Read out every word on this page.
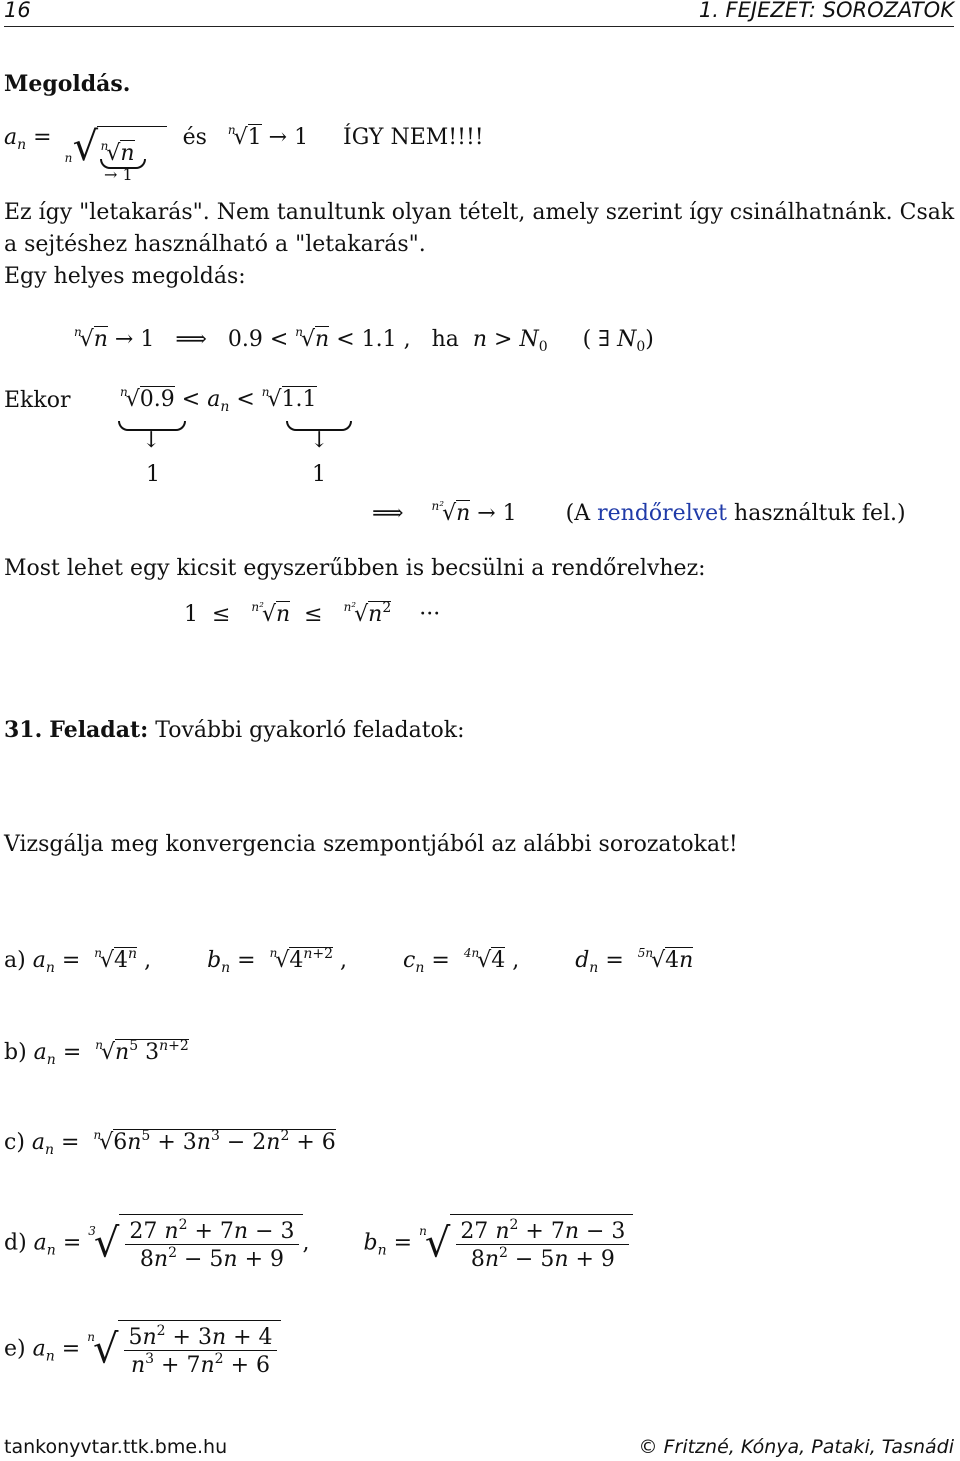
16	1. FEJEZET: SOROZATOK
Megoldás.
$a_n$ =
n √ $^n$√n
és $^n$√1 → 1 ÍGY NEM!!!!
→ 1
Ez így "letakarás". Nem tanultunk olyan tételt, amely szerint így csinálhatnánk. Csak
a sejtéshez használható a "letakarás".
Egy helyes megoldás:
$^n$√n → 1   ⟹   0.9 < $^n$√n < 1.1 ,   ha $n > N_0$     ( ∃ $N_0$)
Ekkor	$^n√0.9 < a_n < ^n√1.1$
↓	↓
1	1
⟹    $^{n^2}$√n → 1       (A rendőrelvet használtuk fel.)
Most lehet egy kicsit egyszerűbben is becsülni a rendőrelvhez:
$1 \le ^{n^2}√n \le ^{n^2}√n^2$    ···
31. Feladat: További gyakorló feladatok:
Vizsgálja meg konvergencia szempontjából az alábbi sorozatokat!
a) $a_n = ^n√4^n$ ,  $b_n = ^n√4^{n+2}$ ,  $c_n = ^{4n}√4$ ,  $d_n = ^{5n}√4n$
b) $a_n = ^n√n^5$ $3^{n+2}$
c) $a_n = ^n√6n^5 + 3n^3 - 2n^2 + 6$
d) $a_n = ^3√ \frac{27 n^2 + 7n - 3}{8n^2 - 5n + 9}$ , $b_n = ^n√ \frac{27 n^2 + 7n - 3}{8n^2 - 5n + 9}$
e) $a_n = ^n√ \frac{5n^2 + 3n + 4}{n^3 + 7n^2 + 6}$
tankonyvtar.ttk.bme.hu	© Fritzné, Kónya, Pataki, Tasnádi
